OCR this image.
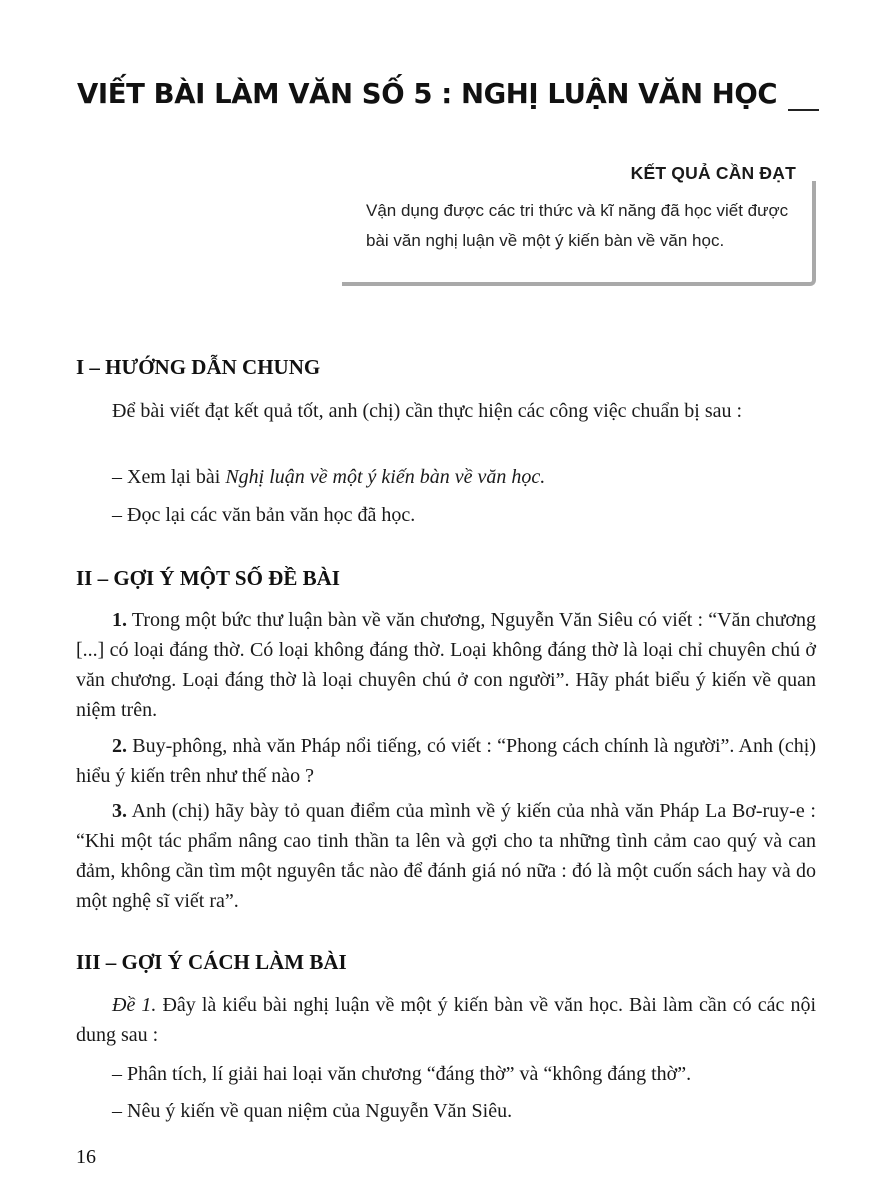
VIẾT BÀI LÀM VĂN SỐ 5 : NGHỊ LUẬN VĂN HỌC
KẾT QUẢ CẦN ĐẠT
Vận dụng được các tri thức và kĩ năng đã học viết được bài văn nghị luận về một ý kiến bàn về văn học.
I – HƯỚNG DẪN CHUNG
Để bài viết đạt kết quả tốt, anh (chị) cần thực hiện các công việc chuẩn bị sau :
– Xem lại bài Nghị luận về một ý kiến bàn về văn học.
– Đọc lại các văn bản văn học đã học.
II – GỢI Ý MỘT SỐ ĐỀ BÀI
1. Trong một bức thư luận bàn về văn chương, Nguyễn Văn Siêu có viết : “Văn chương [...] có loại đáng thờ. Có loại không đáng thờ. Loại không đáng thờ là loại chỉ chuyên chú ở văn chương. Loại đáng thờ là loại chuyên chú ở con người”. Hãy phát biểu ý kiến về quan niệm trên.
2. Buy-phông, nhà văn Pháp nổi tiếng, có viết : “Phong cách chính là người”. Anh (chị) hiểu ý kiến trên như thế nào ?
3. Anh (chị) hãy bày tỏ quan điểm của mình về ý kiến của nhà văn Pháp La Bơ-ruy-e : “Khi một tác phẩm nâng cao tinh thần ta lên và gợi cho ta những tình cảm cao quý và can đảm, không cần tìm một nguyên tắc nào để đánh giá nó nữa : đó là một cuốn sách hay và do một nghệ sĩ viết ra”.
III – GỢI Ý CÁCH LÀM BÀI
Đề 1. Đây là kiểu bài nghị luận về một ý kiến bàn về văn học. Bài làm cần có các nội dung sau :
– Phân tích, lí giải hai loại văn chương “đáng thờ” và “không đáng thờ”.
– Nêu ý kiến về quan niệm của Nguyễn Văn Siêu.
16
